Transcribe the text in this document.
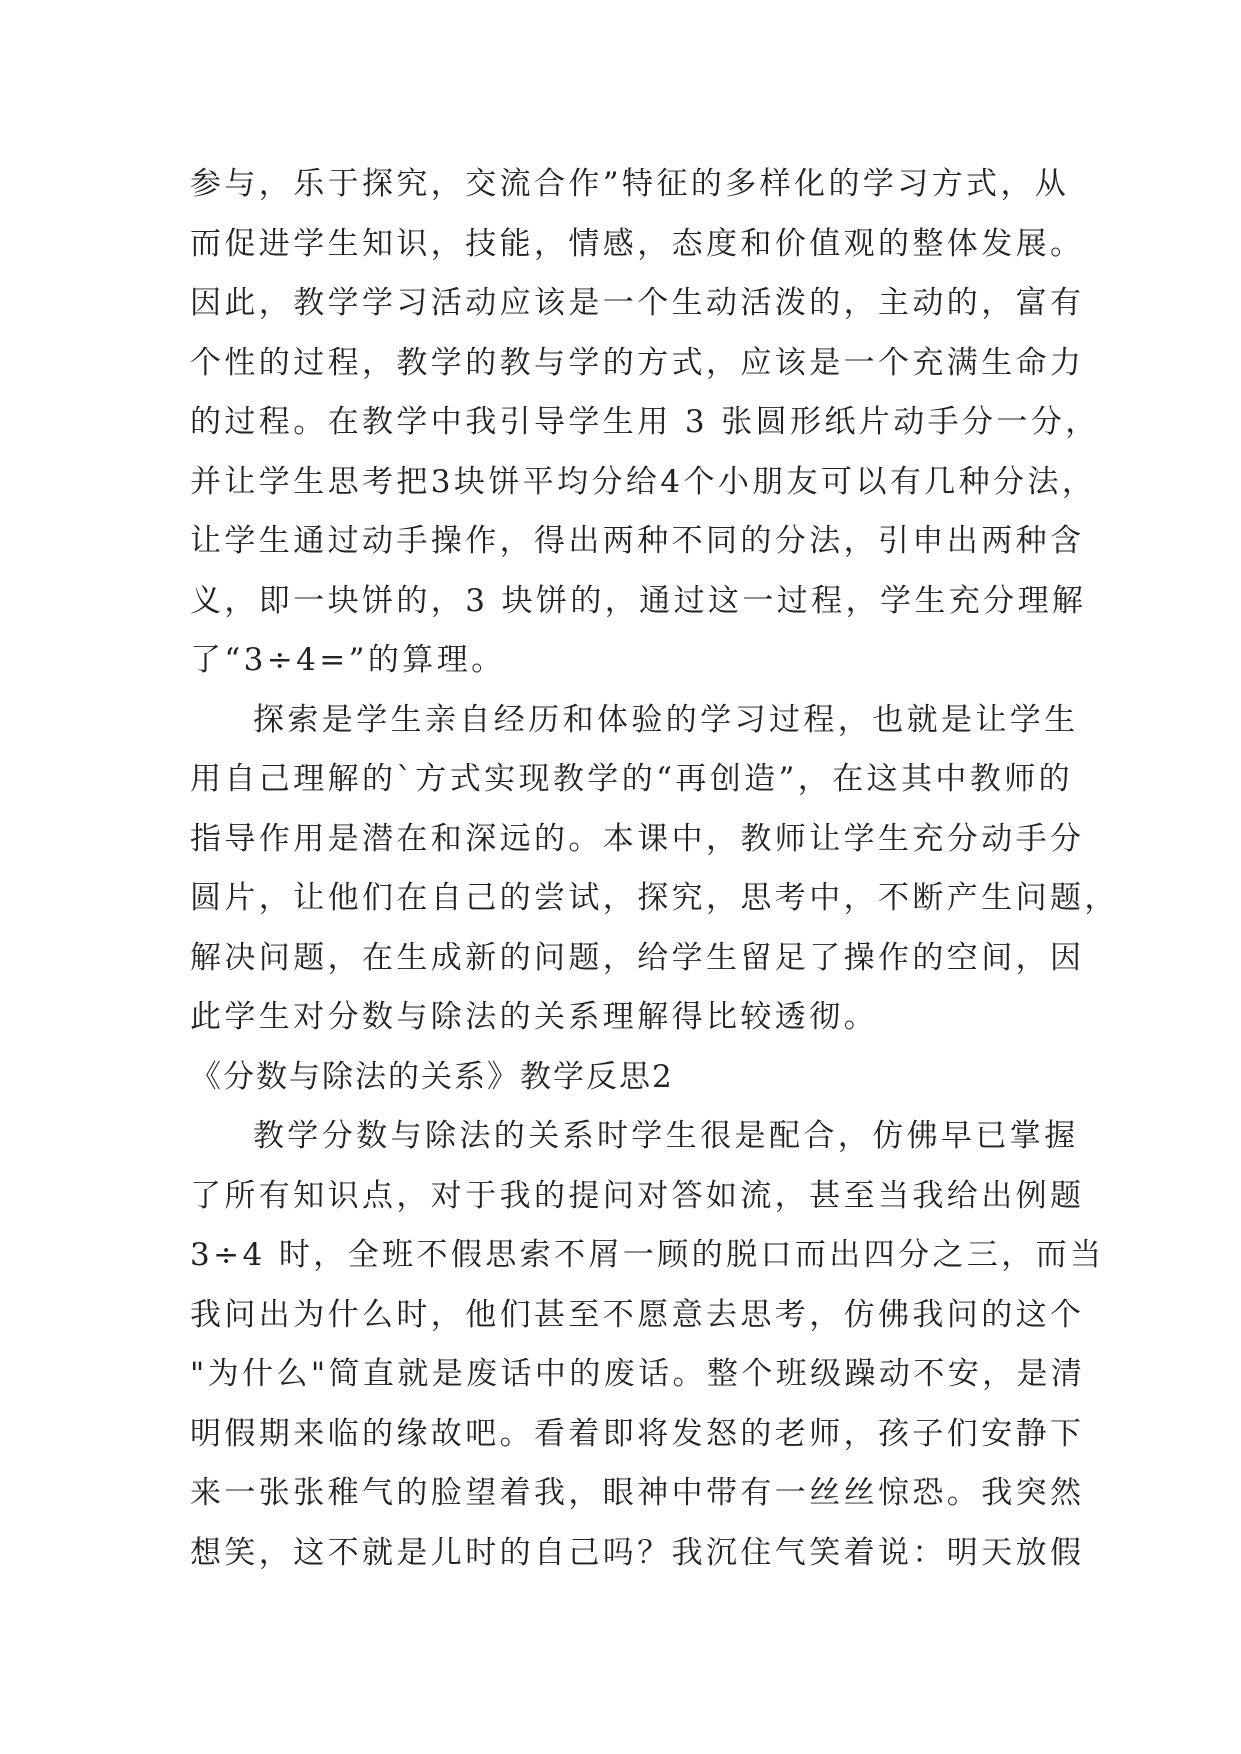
参与，乐于探究，交流合作”特征的多样化的学习方式，从
而促进学生知识，技能，情感，态度和价值观的整体发展。
因此，教学学习活动应该是一个生动活泼的，主动的，富有
个性的过程，教学的教与学的方式，应该是一个充满生命力
的过程。在教学中我引导学生用 3 张圆形纸片动手分一分，
并让学生思考把3块饼平均分给4个小朋友可以有几种分法，
让学生通过动手操作，得出两种不同的分法，引申出两种含
义，即一块饼的，3 块饼的，通过这一过程，学生充分理解
了“3÷4=”的算理。
探索是学生亲自经历和体验的学习过程，也就是让学生
用自己理解的`方式实现教学的“再创造”，在这其中教师的
指导作用是潜在和深远的。本课中，教师让学生充分动手分
圆片，让他们在自己的尝试，探究，思考中，不断产生问题，
解决问题，在生成新的问题，给学生留足了操作的空间，因
此学生对分数与除法的关系理解得比较透彻。
《分数与除法的关系》教学反思2
教学分数与除法的关系时学生很是配合，仿佛早已掌握
了所有知识点，对于我的提问对答如流，甚至当我给出例题
3÷4 时，全班不假思索不屑一顾的脱口而出四分之三，而当
我问出为什么时，他们甚至不愿意去思考，仿佛我问的这个
"为什么"简直就是废话中的废话。整个班级躁动不安，是清
明假期来临的缘故吧。看着即将发怒的老师，孩子们安静下
来一张张稚气的脸望着我，眼神中带有一丝丝惊恐。我突然
想笑，这不就是儿时的自己吗？我沉住气笑着说：明天放假
